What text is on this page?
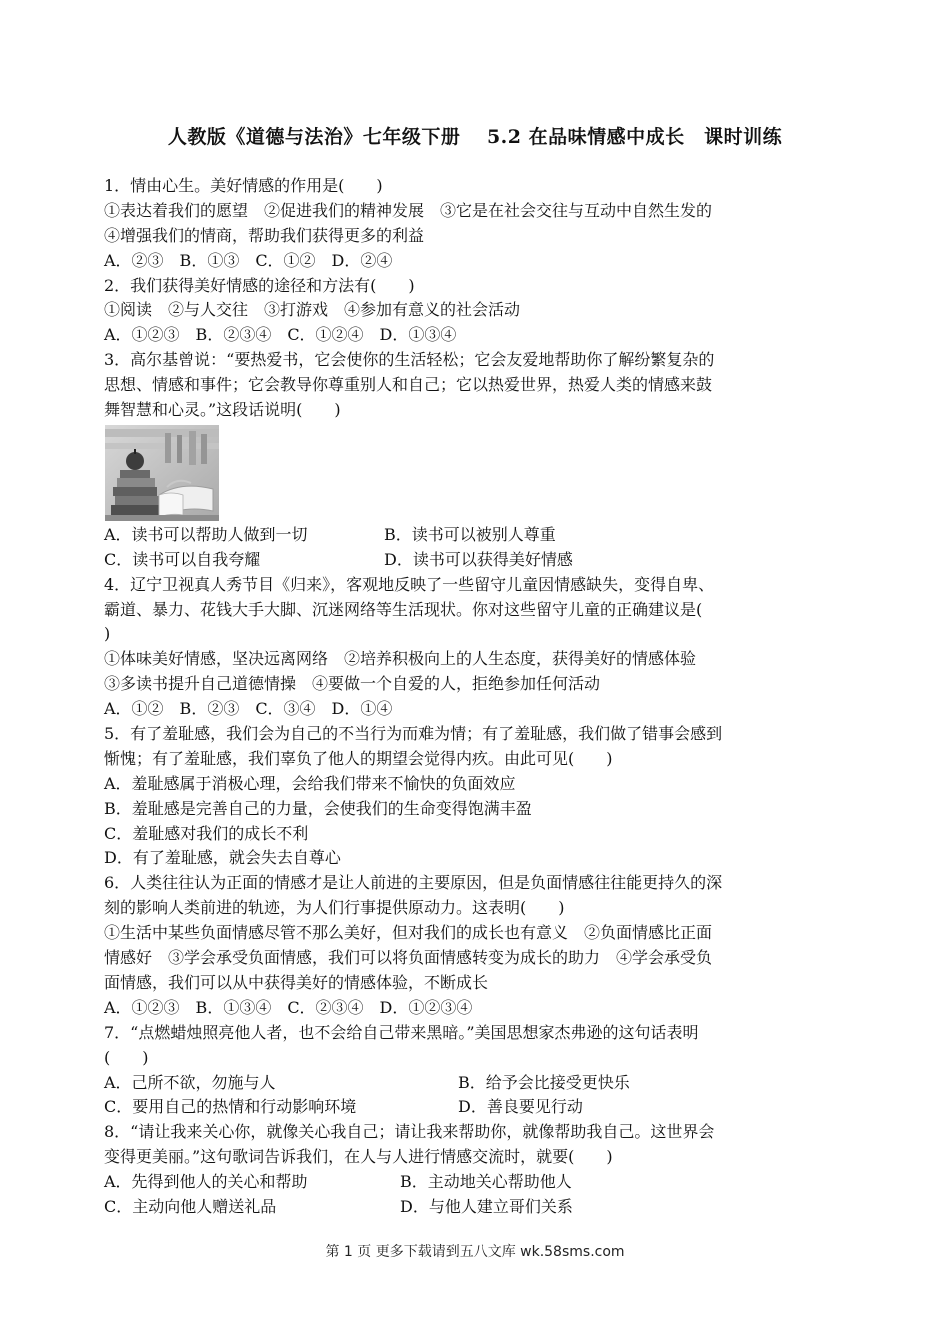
人教版《道德与法治》七年级下册　 5.2 在品味情感中成长　课时训练
1．情由心生。美好情感的作用是(　　)
①表达着我们的愿望　②促进我们的精神发展　③它是在社会交往与互动中自然生发的
④增强我们的情商，帮助我们获得更多的利益
A．②③　B．①③　C．①②　D．②④
2．我们获得美好情感的途径和方法有(　　)
①阅读　②与人交往　③打游戏　④参加有意义的社会活动
A．①②③　B．②③④　C．①②④　D．①③④
3．高尔基曾说：“要热爱书，它会使你的生活轻松；它会友爱地帮助你了解纷繁复杂的
思想、情感和事件；它会教导你尊重别人和自己；它以热爱世界，热爱人类的情感来鼓
舞智慧和心灵。”这段话说明(　　)
A．读书可以帮助人做到一切	B．读书可以被别人尊重
C．读书可以自我夸耀	D．读书可以获得美好情感
4．辽宁卫视真人秀节目《归来》，客观地反映了一些留守儿童因情感缺失，变得自卑、
霸道、暴力、花钱大手大脚、沉迷网络等生活现状。你对这些留守儿童的正确建议是(
)
①体味美好情感，坚决远离网络　②培养积极向上的人生态度，获得美好的情感体验
③多读书提升自己道德情操　④要做一个自爱的人，拒绝参加任何活动
A．①②　B．②③　C．③④　D．①④
5．有了羞耻感，我们会为自己的不当行为而难为情；有了羞耻感，我们做了错事会感到
惭愧；有了羞耻感，我们辜负了他人的期望会觉得内疚。由此可见(　　)
A．羞耻感属于消极心理，会给我们带来不愉快的负面效应
B．羞耻感是完善自己的力量，会使我们的生命变得饱满丰盈
C．羞耻感对我们的成长不利
D．有了羞耻感，就会失去自尊心
6．人类往往认为正面的情感才是让人前进的主要原因，但是负面情感往往能更持久的深
刻的影响人类前进的轨迹，为人们行事提供原动力。这表明(　　)
①生活中某些负面情感尽管不那么美好，但对我们的成长也有意义　②负面情感比正面
情感好　③学会承受负面情感，我们可以将负面情感转变为成长的助力　④学会承受负
面情感，我们可以从中获得美好的情感体验，不断成长
A．①②③　B．①③④　C．②③④　D．①②③④
7．“点燃蜡烛照亮他人者，也不会给自己带来黑暗。”美国思想家杰弗逊的这句话表明
(　　)
A．己所不欲，勿施与人	B．给予会比接受更快乐
C．要用自己的热情和行动影响环境	D．善良要见行动
8．“请让我来关心你，就像关心我自己；请让我来帮助你，就像帮助我自己。这世界会
变得更美丽。”这句歌词告诉我们，在人与人进行情感交流时，就要(　　)
A．先得到他人的关心和帮助	B．主动地关心帮助他人
C．主动向他人赠送礼品	D．与他人建立哥们关系
第 1 页 更多下载请到五八文库 wk.58sms.com
